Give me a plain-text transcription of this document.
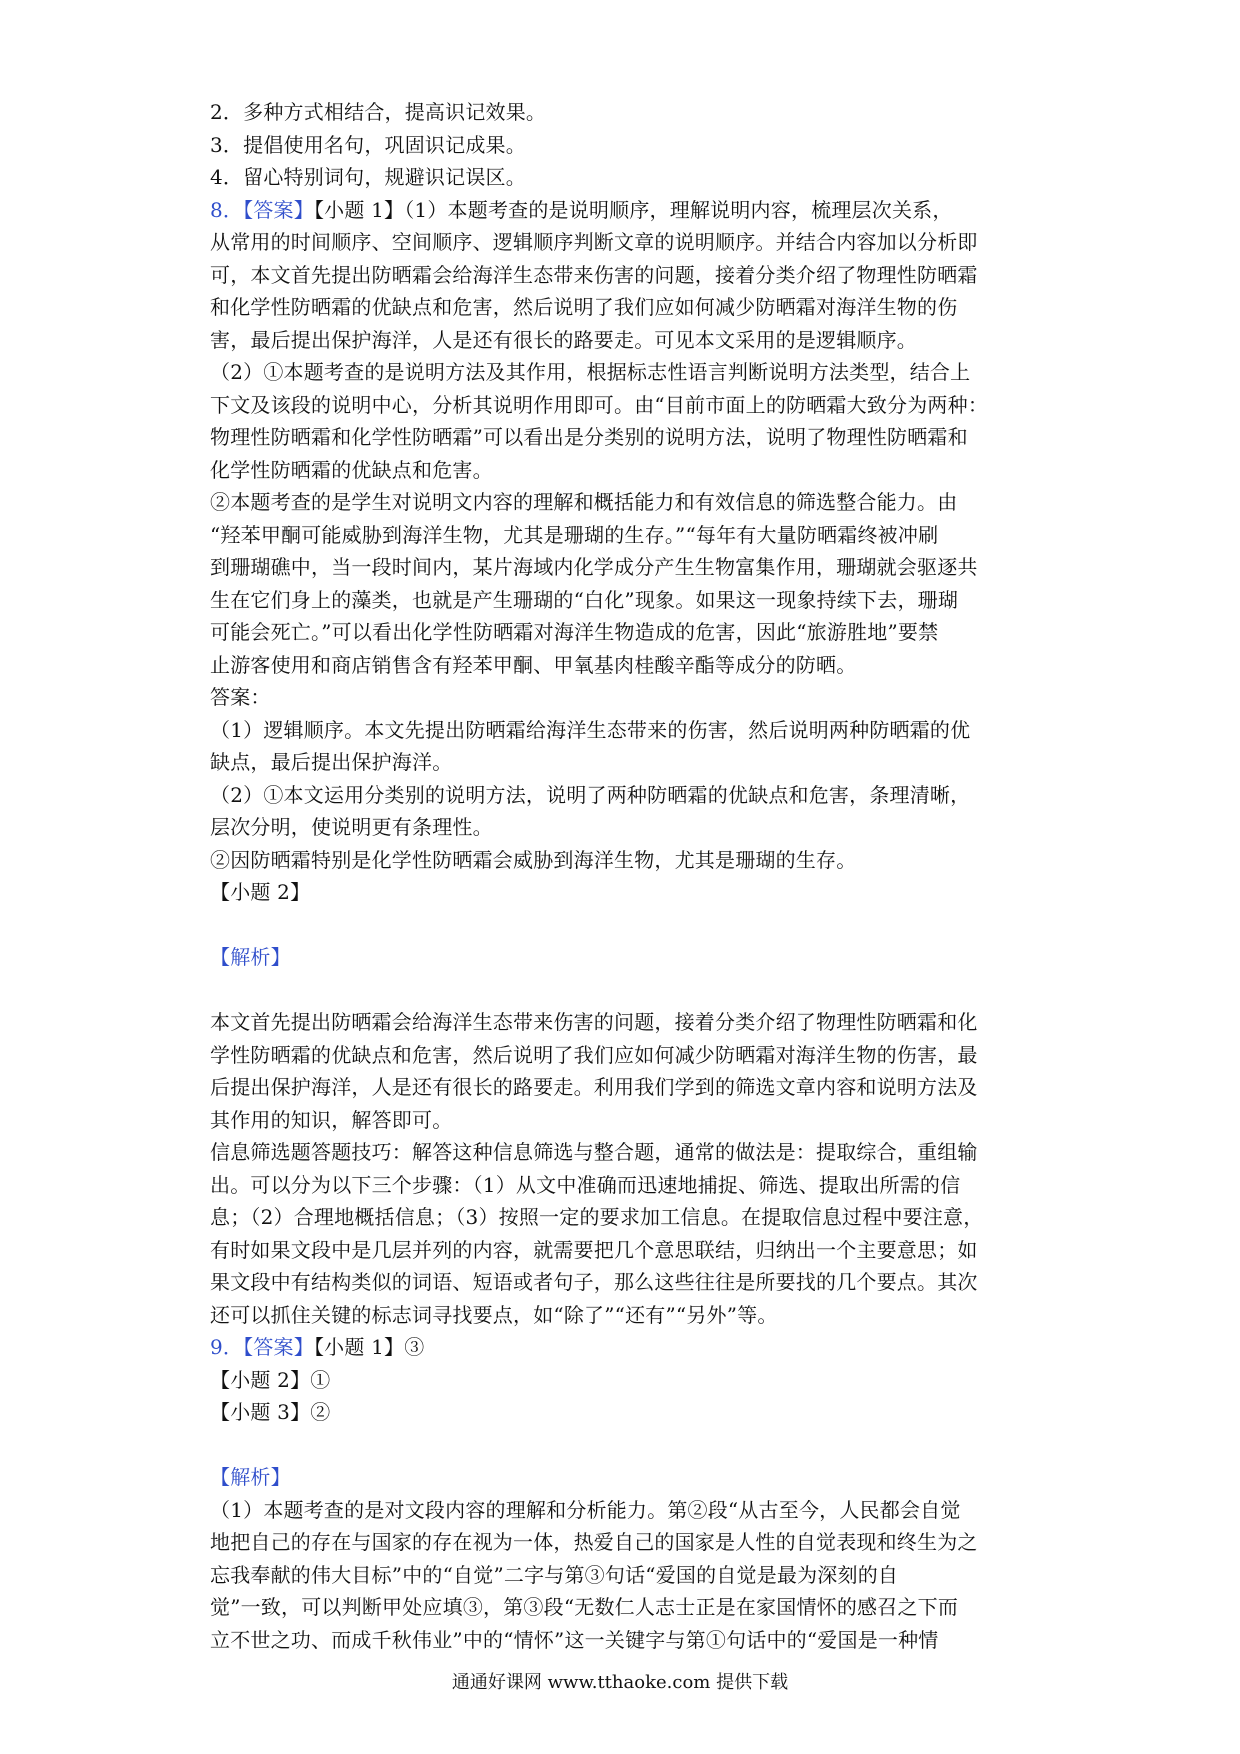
2．多种方式相结合，提高识记效果。
3．提倡使用名句，巩固识记成果。
4．留心特别词句，规避识记误区。
8．【答案】【小题 1】（1）本题考查的是说明顺序，理解说明内容，梳理层次关系，
从常用的时间顺序、空间顺序、逻辑顺序判断文章的说明顺序。并结合内容加以分析即
可，本文首先提出防晒霜会给海洋生态带来伤害的问题，接着分类介绍了物理性防晒霜
和化学性防晒霜的优缺点和危害，然后说明了我们应如何减少防晒霜对海洋生物的伤
害，最后提出保护海洋，人是还有很长的路要走。可见本文采用的是逻辑顺序。
（2）①本题考查的是说明方法及其作用，根据标志性语言判断说明方法类型，结合上
下文及该段的说明中心，分析其说明作用即可。由“目前市面上的防晒霜大致分为两种：
物理性防晒霜和化学性防晒霜”可以看出是分类别的说明方法，说明了物理性防晒霜和
化学性防晒霜的优缺点和危害。
②本题考查的是学生对说明文内容的理解和概括能力和有效信息的筛选整合能力。由
“羟苯甲酮可能威胁到海洋生物，尤其是珊瑚的生存。”“每年有大量防晒霜终被冲刷
到珊瑚礁中，当一段时间内，某片海域内化学成分产生生物富集作用，珊瑚就会驱逐共
生在它们身上的藻类，也就是产生珊瑚的“白化”现象。如果这一现象持续下去，珊瑚
可能会死亡。”可以看出化学性防晒霜对海洋生物造成的危害，因此“旅游胜地”要禁
止游客使用和商店销售含有羟苯甲酮、甲氧基肉桂酸辛酯等成分的防晒。
答案：
（1）逻辑顺序。本文先提出防晒霜给海洋生态带来的伤害，然后说明两种防晒霜的优
缺点，最后提出保护海洋。
（2）①本文运用分类别的说明方法，说明了两种防晒霜的优缺点和危害，条理清晰，
层次分明，使说明更有条理性。
②因防晒霜特别是化学性防晒霜会威胁到海洋生物，尤其是珊瑚的生存。
【小题 2】
【解析】
本文首先提出防晒霜会给海洋生态带来伤害的问题，接着分类介绍了物理性防晒霜和化
学性防晒霜的优缺点和危害，然后说明了我们应如何减少防晒霜对海洋生物的伤害，最
后提出保护海洋，人是还有很长的路要走。利用我们学到的筛选文章内容和说明方法及
其作用的知识，解答即可。
信息筛选题答题技巧：解答这种信息筛选与整合题，通常的做法是：提取综合，重组输
出。可以分为以下三个步骤：（1）从文中准确而迅速地捕捉、筛选、提取出所需的信
息；（2）合理地概括信息；（3）按照一定的要求加工信息。在提取信息过程中要注意，
有时如果文段中是几层并列的内容，就需要把几个意思联结，归纳出一个主要意思；如
果文段中有结构类似的词语、短语或者句子，那么这些往往是所要找的几个要点。其次
还可以抓住关键的标志词寻找要点，如“除了”“还有”“另外”等。
9．【答案】【小题 1】③
【小题 2】①
【小题 3】②
【解析】
（1）本题考查的是对文段内容的理解和分析能力。第②段“从古至今，人民都会自觉
地把自己的存在与国家的存在视为一体，热爱自己的国家是人性的自觉表现和终生为之
忘我奉献的伟大目标”中的“自觉”二字与第③句话“爱国的自觉是最为深刻的自
觉”一致，可以判断甲处应填③，第③段“无数仁人志士正是在家国情怀的感召之下而
立不世之功、而成千秋伟业”中的“情怀”这一关键字与第①句话中的“爱国是一种情
通通好课网 www.tthaoke.com 提供下载
